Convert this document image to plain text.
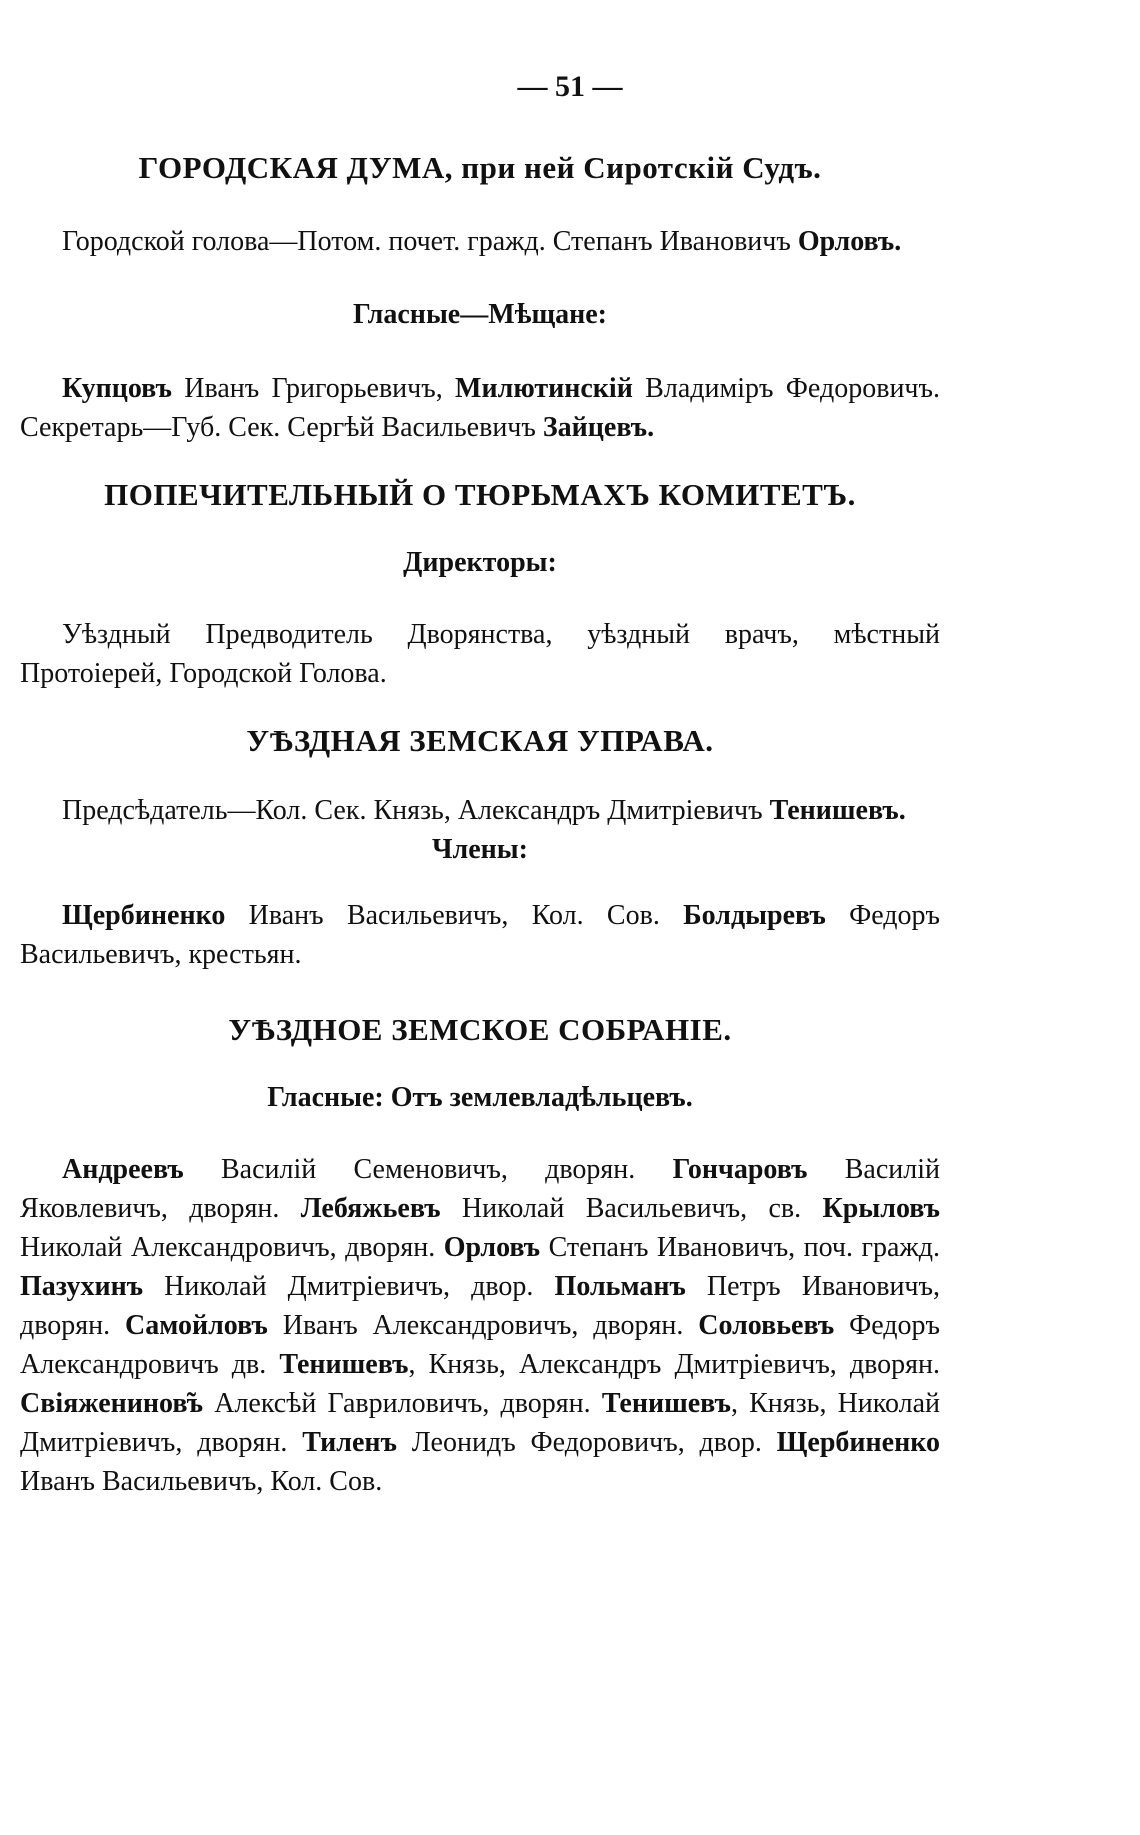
— 51 —
ГОРОДСКАЯ ДУМА, при ней Сиротскій Судъ.

Городской голова—Потом. почет. гражд. Степанъ Ивановичъ Орловъ.

Гласные—Мѣщане:

Купцовъ Иванъ Григорьевичъ, Милютинскій Владиміръ Федоровичъ. Секретарь—Губ. Сек. Сергѣй Васильевичъ Зайцевъ.

ПОПЕЧИТЕЛЬНЫЙ О ТЮРЬМАХЪ КОМИТЕТЪ.
Директоры:

Уѣздный Предводитель Дворянства, уѣздный врачъ, мѣстный Протоіерей, Городской Голова.

УѢЗДНАЯ ЗЕМСКАЯ УПРАВА.

Предсѣдатель—Кол. Сек. Князь, Александръ Дмитріевичъ Тенишевъ.

Члены:

Щербиненко Иванъ Васильевичъ, Кол. Сов. Болдыревъ Федоръ Васильевичъ, крестьян.

УѢЗДНОЕ ЗЕМСКОЕ СОБРАНІЕ.
Гласные: Отъ землевладѣльцевъ.

Андреевъ Василій Семеновичъ, дворян. Гончаровъ Василій Яковлевичъ, дворян. Лебяжьевъ Николай Васильевичъ, св. Крыловъ Николай Александровичъ, дворян. Орловъ Степанъ Ивановичъ, поч. гражд. Пазухинъ Николай Дмитріевичъ, двор. Польманъ Петръ Ивановичъ, дворян. Самойловъ Иванъ Александровичъ, дворян. Соловьевъ Федоръ Александровичъ дв. Тенишевъ, Князь, Александръ Дмитріевичъ, дворян. Свіяженинов̃ъ Алексѣй Гавриловичъ, дворян. Тенишевъ, Князь, Николай Дмитріевичъ, дворян. Тиленъ Леонидъ Федоровичъ, двор. Щербиненко Иванъ Васильевичъ, Кол. Сов.
